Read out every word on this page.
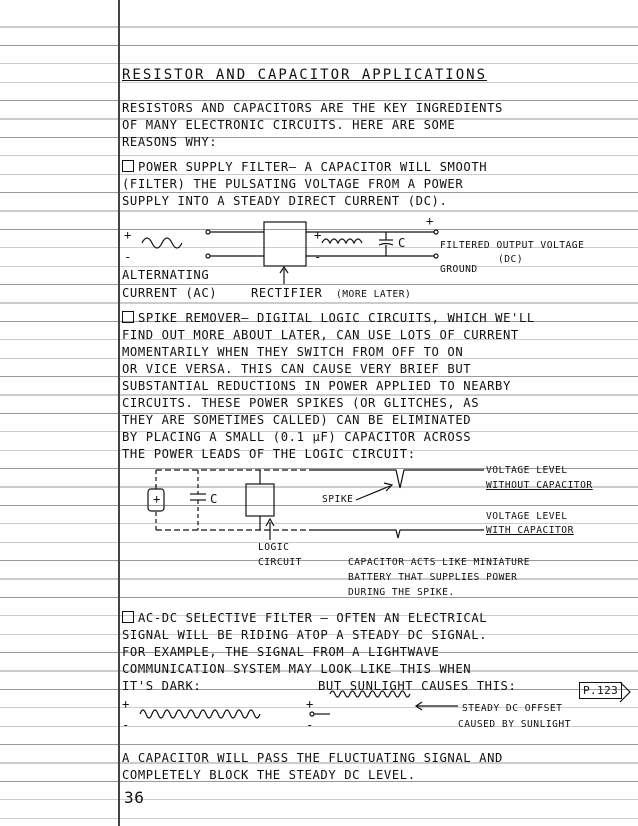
RESISTOR AND CAPACITOR APPLICATIONS
RESISTORS AND CAPACITORS ARE THE KEY INGREDIENTS
OF MANY ELECTRONIC CIRCUITS. HERE ARE SOME
REASONS WHY:
POWER SUPPLY FILTER— A CAPACITOR WILL SMOOTH
(FILTER) THE PULSATING VOLTAGE FROM A POWER
SUPPLY INTO A STEADY DIRECT CURRENT (DC).
+
-
+
-
+
C	FILTERED OUTPUT VOLTAGE
(DC)
GROUND
ALTERNATING
CURRENT (AC)	RECTIFIER (MORE LATER)
SPIKE REMOVER— DIGITAL LOGIC CIRCUITS, WHICH WE'LL
FIND OUT MORE ABOUT LATER, CAN USE LOTS OF CURRENT
MOMENTARILY WHEN THEY SWITCH FROM OFF TO ON
OR VICE VERSA. THIS CAN CAUSE VERY BRIEF BUT
SUBSTANTIAL REDUCTIONS IN POWER APPLIED TO NEARBY
CIRCUITS. THESE POWER SPIKES (OR GLITCHES, AS
THEY ARE SOMETIMES CALLED) CAN BE ELIMINATED
BY PLACING A SMALL (0.1 µF) CAPACITOR ACROSS
THE POWER LEADS OF THE LOGIC CIRCUIT:
+	C	SPIKE
VOLTAGE LEVEL
WITHOUT CAPACITOR
VOLTAGE LEVEL
WITH CAPACITOR
LOGIC
CIRCUIT	CAPACITOR ACTS LIKE MINIATURE
BATTERY THAT SUPPLIES POWER
DURING THE SPIKE.
AC-DC SELECTIVE FILTER — OFTEN AN ELECTRICAL
SIGNAL WILL BE RIDING ATOP A STEADY DC SIGNAL.
FOR EXAMPLE, THE SIGNAL FROM A LIGHTWAVE
COMMUNICATION SYSTEM MAY LOOK LIKE THIS WHEN
IT'S DARK:	BUT SUNLIGHT CAUSES THIS:	P.123
+
-
+
-
STEADY DC OFFSET
CAUSED BY SUNLIGHT
A CAPACITOR WILL PASS THE FLUCTUATING SIGNAL AND
COMPLETELY BLOCK THE STEADY DC LEVEL.
36
